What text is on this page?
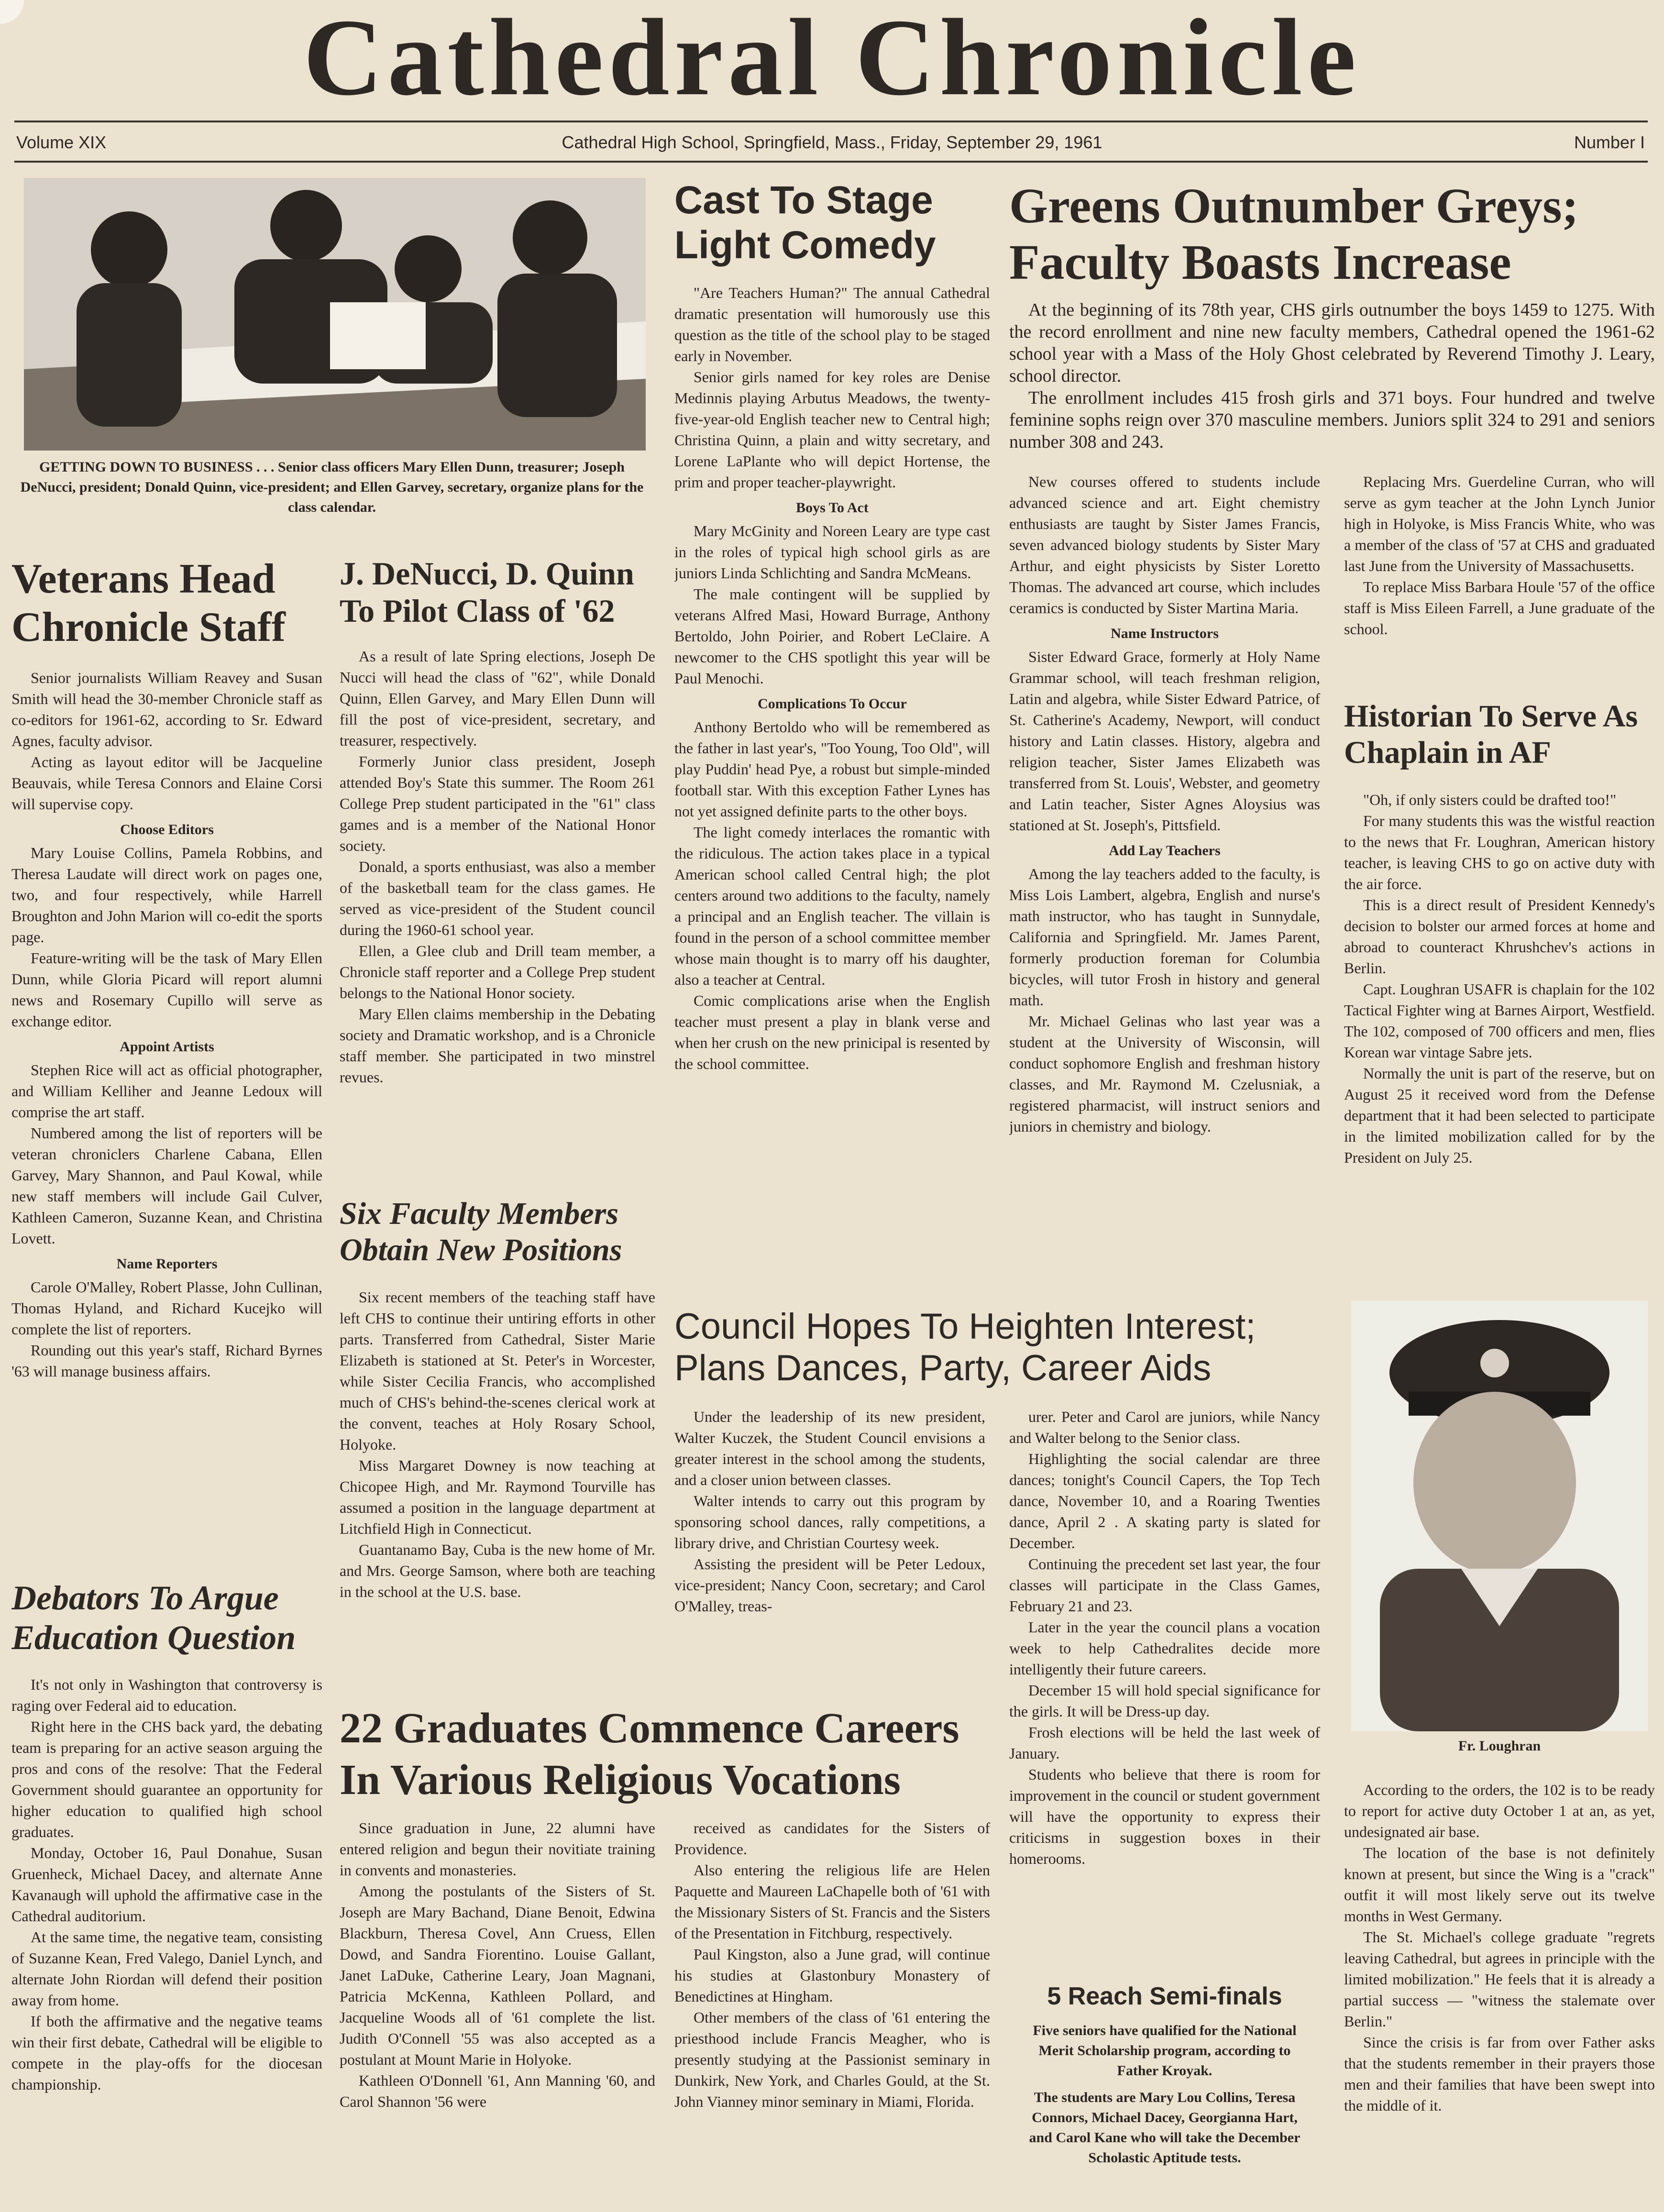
Cathedral Chronicle
Volume XIX	Cathedral High School, Springfield, Mass., Friday, September 29, 1961	Number I
GETTING DOWN TO BUSINESS . . . Senior class officers Mary Ellen Dunn, treasurer; Joseph DeNucci, president; Donald Quinn, vice-president; and Ellen Garvey, secretary, organize plans for the class calendar.
Veterans Head Chronicle Staff

Senior journalists William Reavey and Susan Smith will head the 30-member Chronicle staff as co-editors for 1961-62, according to Sr. Edward Agnes, faculty advisor.

Acting as layout editor will be Jacqueline Beauvais, while Teresa Connors and Elaine Corsi will supervise copy.

Choose Editors

Mary Louise Collins, Pamela Robbins, and Theresa Laudate will direct work on pages one, two, and four respectively, while Harrell Broughton and John Marion will co-edit the sports page.

Feature-writing will be the task of Mary Ellen Dunn, while Gloria Picard will report alumni news and Rosemary Cupillo will serve as exchange editor.

Appoint Artists

Stephen Rice will act as official photographer, and William Kelliher and Jeanne Ledoux will comprise the art staff.

Numbered among the list of reporters will be veteran chroniclers Charlene Cabana, Ellen Garvey, Mary Shannon, and Paul Kowal, while new staff members will include Gail Culver, Kathleen Cameron, Suzanne Kean, and Christina Lovett.

Name Reporters

Carole O'Malley, Robert Plasse, John Cullinan, Thomas Hyland, and Richard Kucejko will complete the list of reporters.

Rounding out this year's staff, Richard Byrnes '63 will manage business affairs.

Debators To Argue Education Question

It's not only in Washington that controversy is raging over Federal aid to education.

Right here in the CHS back yard, the debating team is preparing for an active season arguing the pros and cons of the resolve: That the Federal Government should guarantee an opportunity for higher education to qualified high school graduates.

Monday, October 16, Paul Donahue, Susan Gruenheck, Michael Dacey, and alternate Anne Kavanaugh will uphold the affirmative case in the Cathedral auditorium.

At the same time, the negative team, consisting of Suzanne Kean, Fred Valego, Daniel Lynch, and alternate John Riordan will defend their position away from home.

If both the affirmative and the negative teams win their first debate, Cathedral will be eligible to compete in the play-offs for the diocesan championship.

J. DeNucci, D. Quinn To Pilot Class of '62

As a result of late Spring elections, Joseph De Nucci will head the class of "62", while Donald Quinn, Ellen Garvey, and Mary Ellen Dunn will fill the post of vice-president, secretary, and treasurer, respectively.

Formerly Junior class president, Joseph attended Boy's State this summer. The Room 261 College Prep student participated in the "61" class games and is a member of the National Honor society.

Donald, a sports enthusiast, was also a member of the basketball team for the class games. He served as vice-president of the Student council during the 1960-61 school year.

Ellen, a Glee club and Drill team member, a Chronicle staff reporter and a College Prep student belongs to the National Honor society.

Mary Ellen claims membership in the Debating society and Dramatic workshop, and is a Chronicle staff member. She participated in two minstrel revues.

Six Faculty Members Obtain New Positions

Six recent members of the teaching staff have left CHS to continue their untiring efforts in other parts. Transferred from Cathedral, Sister Marie Elizabeth is stationed at St. Peter's in Worcester, while Sister Cecilia Francis, who accomplished much of CHS's behind-the-scenes clerical work at the convent, teaches at Holy Rosary School, Holyoke.

Miss Margaret Downey is now teaching at Chicopee High, and Mr. Raymond Tourville has assumed a position in the language department at Litchfield High in Connecticut.

Guantanamo Bay, Cuba is the new home of Mr. and Mrs. George Samson, where both are teaching in the school at the U.S. base.

Cast To Stage Light Comedy

"Are Teachers Human?" The annual Cathedral dramatic presentation will humorously use this question as the title of the school play to be staged early in November.

Senior girls named for key roles are Denise Medinnis playing Arbutus Meadows, the twenty-five-year-old English teacher new to Central high; Christina Quinn, a plain and witty secretary, and Lorene LaPlante who will depict Hortense, the prim and proper teacher-playwright.

Boys To Act

Mary McGinity and Noreen Leary are type cast in the roles of typical high school girls as are juniors Linda Schlichting and Sandra McMeans.

The male contingent will be supplied by veterans Alfred Masi, Howard Burrage, Anthony Bertoldo, John Poirier, and Robert LeClaire. A newcomer to the CHS spotlight this year will be Paul Menochi.

Complications To Occur

Anthony Bertoldo who will be remembered as the father in last year's, "Too Young, Too Old", will play Puddin' head Pye, a robust but simple-minded football star. With this exception Father Lynes has not yet assigned definite parts to the other boys.

The light comedy interlaces the romantic with the ridiculous. The action takes place in a typical American school called Central high; the plot centers around two additions to the faculty, namely a principal and an English teacher. The villain is found in the person of a school committee member whose main thought is to marry off his daughter, also a teacher at Central.

Comic complications arise when the English teacher must present a play in blank verse and when her crush on the new prinicipal is resented by the school committee.

Greens Outnumber Greys; Faculty Boasts Increase

At the beginning of its 78th year, CHS girls outnumber the boys 1459 to 1275. With the record enrollment and nine new faculty members, Cathedral opened the 1961-62 school year with a Mass of the Holy Ghost celebrated by Reverend Timothy J. Leary, school director.

The enrollment includes 415 frosh girls and 371 boys. Four hundred and twelve feminine sophs reign over 370 masculine members. Juniors split 324 to 291 and seniors number 308 and 243.

New courses offered to students include advanced science and art. Eight chemistry enthusiasts are taught by Sister James Francis, seven advanced biology students by Sister Mary Arthur, and eight physicists by Sister Loretto Thomas. The advanced art course, which includes ceramics is conducted by Sister Martina Maria.

Name Instructors

Sister Edward Grace, formerly at Holy Name Grammar school, will teach freshman religion, Latin and algebra, while Sister Edward Patrice, of St. Catherine's Academy, Newport, will conduct history and Latin classes. History, algebra and religion teacher, Sister James Elizabeth was transferred from St. Louis', Webster, and geometry and Latin teacher, Sister Agnes Aloysius was stationed at St. Joseph's, Pittsfield.

Add Lay Teachers

Among the lay teachers added to the faculty, is Miss Lois Lambert, algebra, English and nurse's math instructor, who has taught in Sunnydale, California and Springfield. Mr. James Parent, formerly production foreman for Columbia bicycles, will tutor Frosh in history and general math.

Mr. Michael Gelinas who last year was a student at the University of Wisconsin, will conduct sophomore English and freshman history classes, and Mr. Raymond M. Czelusniak, a registered pharmacist, will instruct seniors and juniors in chemistry and biology.

Replacing Mrs. Guerdeline Curran, who will serve as gym teacher at the John Lynch Junior high in Holyoke, is Miss Francis White, who was a member of the class of '57 at CHS and graduated last June from the University of Massachusetts.

To replace Miss Barbara Houle '57 of the office staff is Miss Eileen Farrell, a June graduate of the school.

Historian To Serve As Chaplain in AF

"Oh, if only sisters could be drafted too!"

For many students this was the wistful reaction to the news that Fr. Loughran, American history teacher, is leaving CHS to go on active duty with the air force.

This is a direct result of President Kennedy's decision to bolster our armed forces at home and abroad to counteract Khrushchev's actions in Berlin.

Capt. Loughran USAFR is chaplain for the 102 Tactical Fighter wing at Barnes Airport, Westfield. The 102, composed of 700 officers and men, flies Korean war vintage Sabre jets.

Normally the unit is part of the reserve, but on August 25 it received word from the Defense department that it had been selected to participate in the limited mobilization called for by the President on July 25.

Fr. Loughran

According to the orders, the 102 is to be ready to report for active duty October 1 at an, as yet, undesignated air base.

The location of the base is not definitely known at present, but since the Wing is a "crack" outfit it will most likely serve out its twelve months in West Germany.

The St. Michael's college graduate "regrets leaving Cathedral, but agrees in principle with the limited mobilization." He feels that it is already a partial success — "witness the stalemate over Berlin."

Since the crisis is far from over Father asks that the students remember in their prayers those men and their families that have been swept into the middle of it.

Council Hopes To Heighten Interest; Plans Dances, Party, Career Aids

Under the leadership of its new president, Walter Kuczek, the Student Council envisions a greater interest in the school among the students, and a closer union between classes.

Walter intends to carry out this program by sponsoring school dances, rally competitions, a library drive, and Christian Courtesy week.

Assisting the president will be Peter Ledoux, vice-president; Nancy Coon, secretary; and Carol O'Malley, treas-

urer. Peter and Carol are juniors, while Nancy and Walter belong to the Senior class.

Highlighting the social calendar are three dances; tonight's Council Capers, the Top Tech dance, November 10, and a Roaring Twenties dance, April 2 . A skating party is slated for December.

Continuing the precedent set last year, the four classes will participate in the Class Games, February 21 and 23.

Later in the year the council plans a vocation week to help Cathedralites decide more intelligently their future careers.

December 15 will hold special significance for the girls. It will be Dress-up day.

Frosh elections will be held the last week of January.

Students who believe that there is room for improvement in the council or student government will have the opportunity to express their criticisms in suggestion boxes in their homerooms.

5 Reach Semi-finals

Five seniors have qualified for the National Merit Scholarship program, according to Father Kroyak.

The students are Mary Lou Collins, Teresa Connors, Michael Dacey, Georgianna Hart, and Carol Kane who will take the December Scholastic Aptitude tests.

22 Graduates Commence Careers In Various Religious Vocations

Since graduation in June, 22 alumni have entered religion and begun their novitiate training in convents and monasteries.

Among the postulants of the Sisters of St. Joseph are Mary Bachand, Diane Benoit, Edwina Blackburn, Theresa Covel, Ann Cruess, Ellen Dowd, and Sandra Fiorentino. Louise Gallant, Janet LaDuke, Catherine Leary, Joan Magnani, Patricia McKenna, Kathleen Pollard, and Jacqueline Woods all of '61 complete the list. Judith O'Connell '55 was also accepted as a postulant at Mount Marie in Holyoke.

Kathleen O'Donnell '61, Ann Manning '60, and Carol Shannon '56 were

received as candidates for the Sisters of Providence.

Also entering the religious life are Helen Paquette and Maureen LaChapelle both of '61 with the Missionary Sisters of St. Francis and the Sisters of the Presentation in Fitchburg, respectively.

Paul Kingston, also a June grad, will continue his studies at Glastonbury Monastery of Benedictines at Hingham.

Other members of the class of '61 entering the priesthood include Francis Meagher, who is presently studying at the Passionist seminary in Dunkirk, New York, and Charles Gould, at the St. John Vianney minor seminary in Miami, Florida.
